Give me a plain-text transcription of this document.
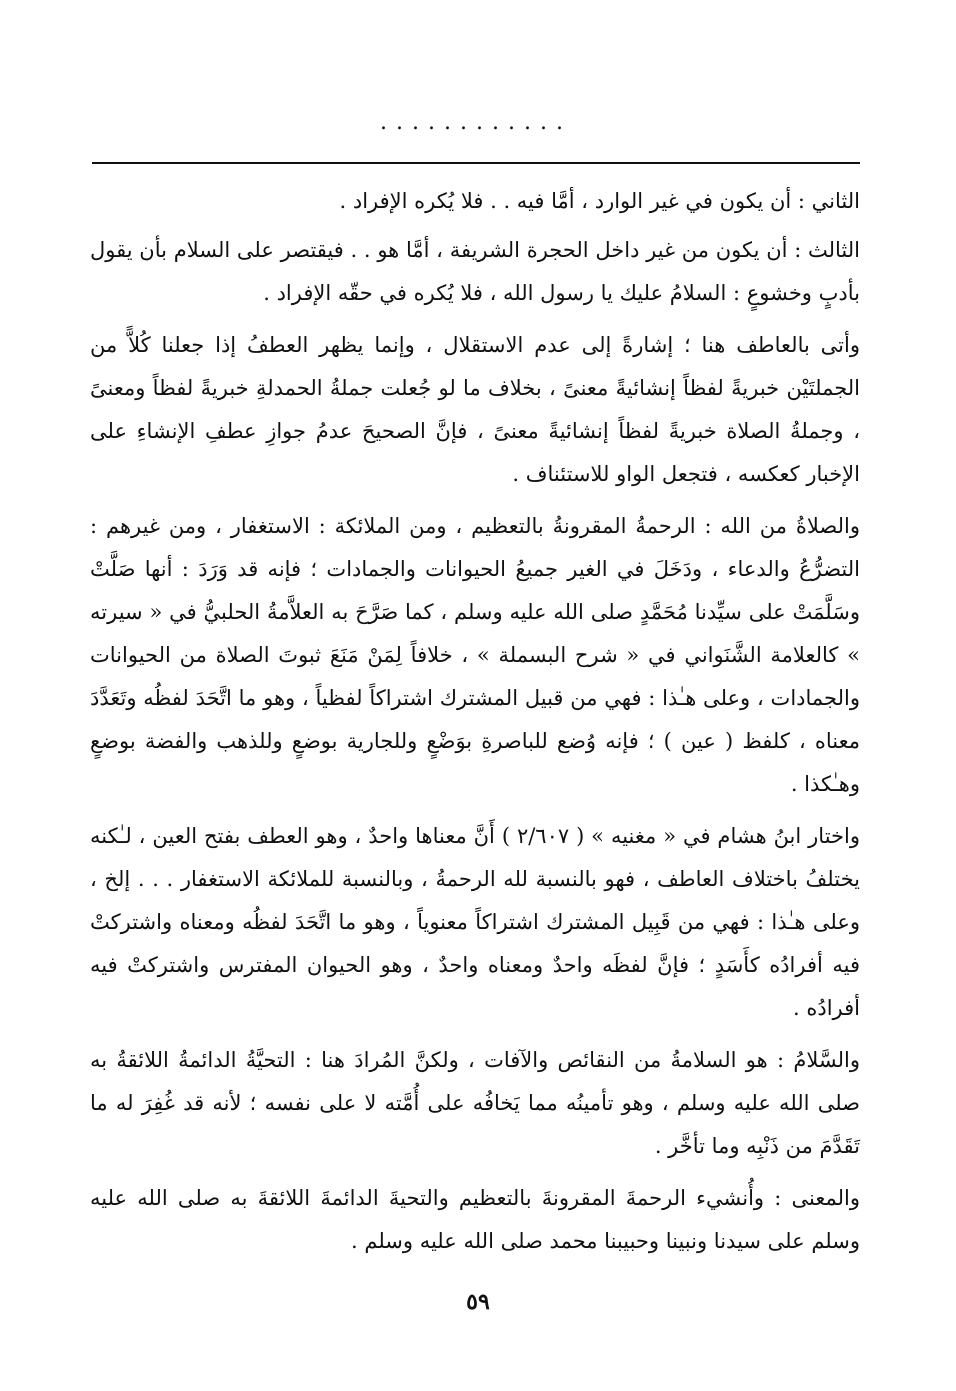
............

الثاني : أن يكون في غير الوارد ، أمَّا فيه . . فلا يُكره الإفراد .

الثالث : أن يكون من غير داخل الحجرة الشريفة ، أمَّا هو . . فيقتصر على السلام بأن يقول بأدبٍ وخشوعٍ : السلامُ عليك يا رسول الله ، فلا يُكره في حقّه الإفراد .

وأتى بالعاطف هنا ؛ إشارةً إلى عدم الاستقلال ، وإنما يظهر العطفُ إذا جعلنا كُلاًّ من الجملتَيْن خبريةً لفظاً إنشائيةً معنىً ، بخلاف ما لو جُعلت جملةُ الحمدلةِ خبريةً لفظاً ومعنىً ، وجملةُ الصلاة خبريةً لفظاً إنشائيةً معنىً ، فإنَّ الصحيحَ عدمُ جوازِ عطفِ الإنشاءِ على الإخبار كعكسه ، فتجعل الواو للاستئناف .

والصلاةُ من الله : الرحمةُ المقرونةُ بالتعظيم ، ومن الملائكة : الاستغفار ، ومن غيرهم : التضرُّعُ والدعاء ، ودَخَلَ في الغير جميعُ الحيوانات والجمادات ؛ فإنه قد وَرَدَ : أنها صَلَّتْ وسَلَّمَتْ على سيِّدنا مُحَمَّدٍ صلى الله عليه وسلم ، كما صَرَّحَ به العلاَّمةُ الحلبيُّ في « سيرته » كالعلامة الشَّنَواني في « شرح البسملة » ، خلافاً لِمَنْ مَنَعَ ثبوتَ الصلاة من الحيوانات والجمادات ، وعلى هـٰذا : فهي من قبيل المشترك اشتراكاً لفظياً ، وهو ما اتَّحَدَ لفظُه وتَعَدَّدَ معناه ، كلفظ ( عين ) ؛ فإنه وُضع للباصرةِ بوَضْعٍ وللجارية بوضعٍ وللذهب والفضة بوضعٍ وهـٰكذا .

واختار ابنُ هشام في « مغنيه » ( ٢/٦٠٧ ) أَنَّ معناها واحدٌ ، وهو العطف بفتح العين ، لـٰكنه يختلفُ باختلاف العاطف ، فهو بالنسبة لله الرحمةُ ، وبالنسبة للملائكة الاستغفار . . . إلخ ، وعلى هـٰذا : فهي من قَبِيل المشترك اشتراكاً معنوياً ، وهو ما اتَّحَدَ لفظُه ومعناه واشتركتْ فيه أفرادُه كأَسَدٍ ؛ فإنَّ لفظَه واحدٌ ومعناه واحدٌ ، وهو الحيوان المفترس واشتركتْ فيه أفرادُه .

والسَّلامُ : هو السلامةُ من النقائص والآفات ، ولكنَّ المُرادَ هنا : التحيَّةُ الدائمةُ اللائقةُ به صلى الله عليه وسلم ، وهو تأمينُه مما يَخافُه على أُمَّته لا على نفسه ؛ لأنه قد غُفِرَ له ما تَقَدَّمَ من ذَنْبِه وما تأخَّر .

والمعنى : وأُنشيء الرحمةَ المقرونةَ بالتعظيم والتحيةَ الدائمةَ اللائقةَ به صلى الله عليه وسلم على سيدنا ونبينا وحبيبنا محمد صلى الله عليه وسلم .

٥٩
